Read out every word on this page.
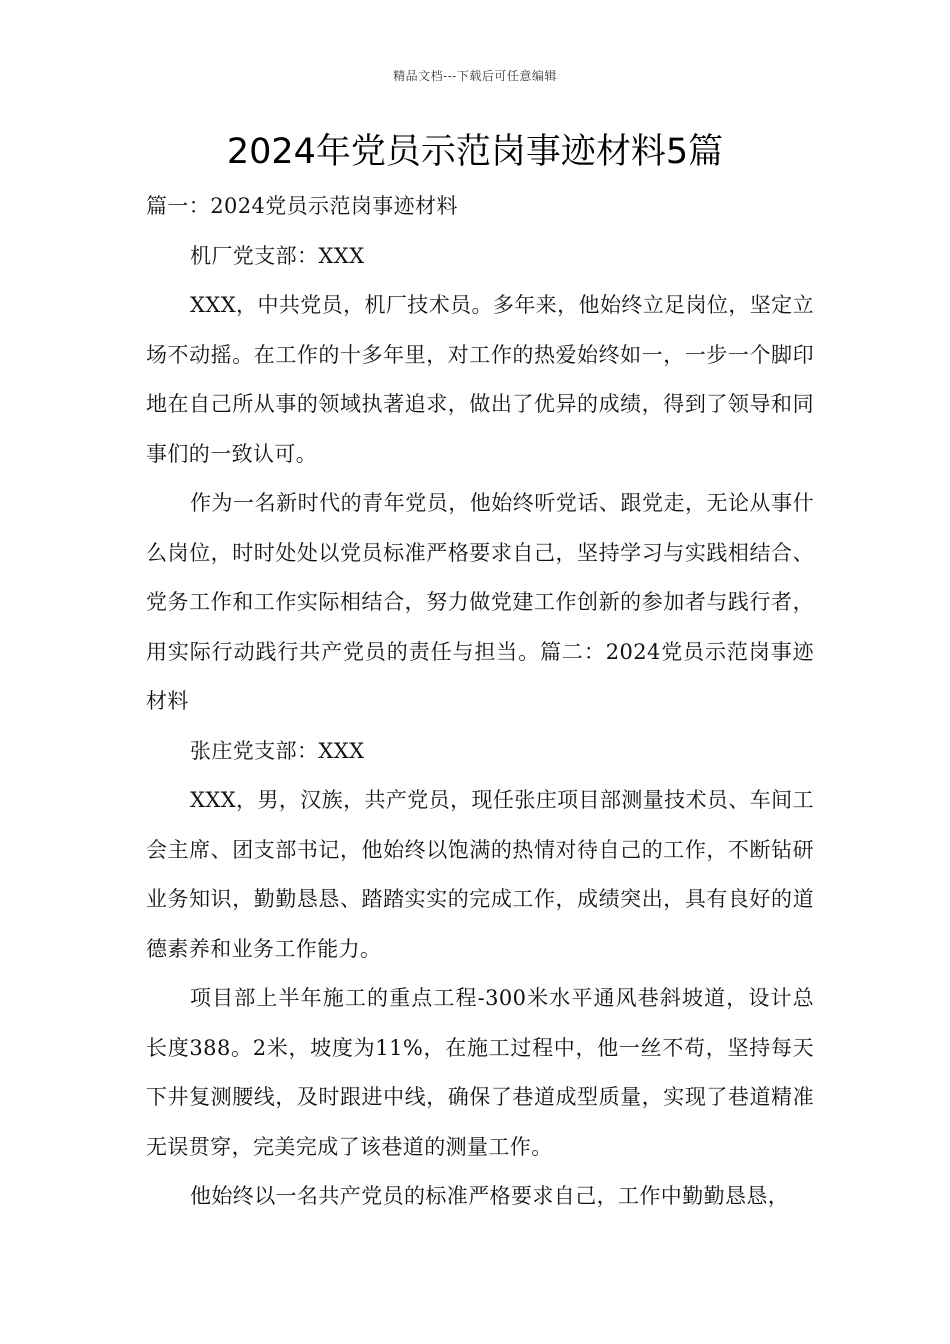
精品文档---下载后可任意编辑
2024年党员示范岗事迹材料5篇

篇一：2024党员示范岗事迹材料

机厂党支部：XXX

XXX，中共党员，机厂技术员。多年来，他始终立足岗位，坚定立场不动摇。在工作的十多年里，对工作的热爱始终如一，一步一个脚印地在自己所从事的领域执著追求，做出了优异的成绩，得到了领导和同事们的一致认可。

作为一名新时代的青年党员，他始终听党话、跟党走，无论从事什么岗位，时时处处以党员标准严格要求自己，坚持学习与实践相结合、党务工作和工作实际相结合，努力做党建工作创新的参加者与践行者，用实际行动践行共产党员的责任与担当。篇二：2024党员示范岗事迹材料

张庄党支部：XXX

XXX，男，汉族，共产党员，现任张庄项目部测量技术员、车间工会主席、团支部书记，他始终以饱满的热情对待自己的工作，不断钻研业务知识，勤勤恳恳、踏踏实实的完成工作，成绩突出，具有良好的道德素养和业务工作能力。

项目部上半年施工的重点工程-300米水平通风巷斜坡道，设计总长度388。2米，坡度为11%，在施工过程中，他一丝不苟，坚持每天下井复测腰线，及时跟进中线，确保了巷道成型质量，实现了巷道精准无误贯穿，完美完成了该巷道的测量工作。

他始终以一名共产党员的标准严格要求自己，工作中勤勤恳恳，
